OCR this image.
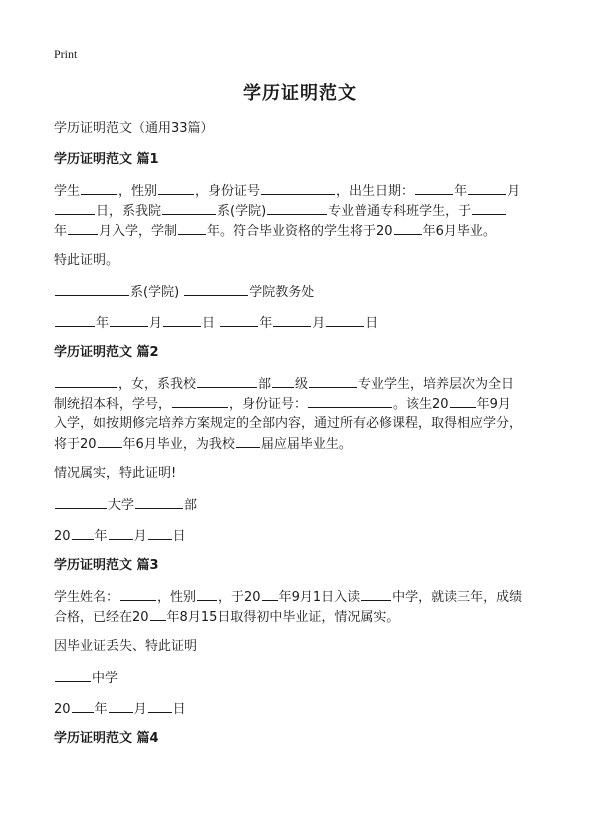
Print
学历证明范文
学历证明范文（通用33篇）
学历证明范文 篇1
学生	，性别	，身份证号	，出生日期：	年	月
日，系我院	系(学院)	专业普通专科班学生，于
年 月入学，学制 年。符合毕业资格的学生将于20 年6月毕业。
特此证明。
系(学院)	学院教务处
年	月	日	年	月	日
学历证明范文 篇2
，女，系我校	部 级	专业学生，培养层次为全日
制统招本科，学号，	，身份证号：	。该生20 年9月
入学，如按期修完培养方案规定的全部内容，通过所有必修课程，取得相应学分，
将于20 年6月毕业，为我校 届应届毕业生。
情况属实，特此证明!
大学	部
20 年 月 日
学历证明范文 篇3
学生姓名：	，性别 ，于20 年9月1日入读 中学，就读三年，成绩
合格，已经在20 年8月15日取得初中毕业证，情况属实。
因毕业证丢失、特此证明
中学
20 年 月 日
学历证明范文 篇4
